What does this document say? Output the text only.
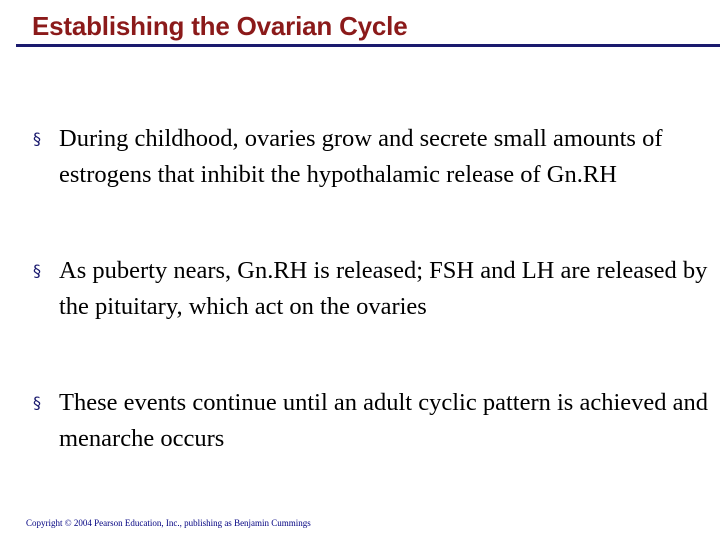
Establishing the Ovarian Cycle
§ During childhood, ovaries grow and secrete small amounts of estrogens that inhibit the hypothalamic release of Gn.RH
§ As puberty nears, Gn.RH is released; FSH and LH are released by the pituitary, which act on the ovaries
§ These events continue until an adult cyclic pattern is achieved and menarche occurs
Copyright © 2004 Pearson Education, Inc., publishing as Benjamin Cummings
